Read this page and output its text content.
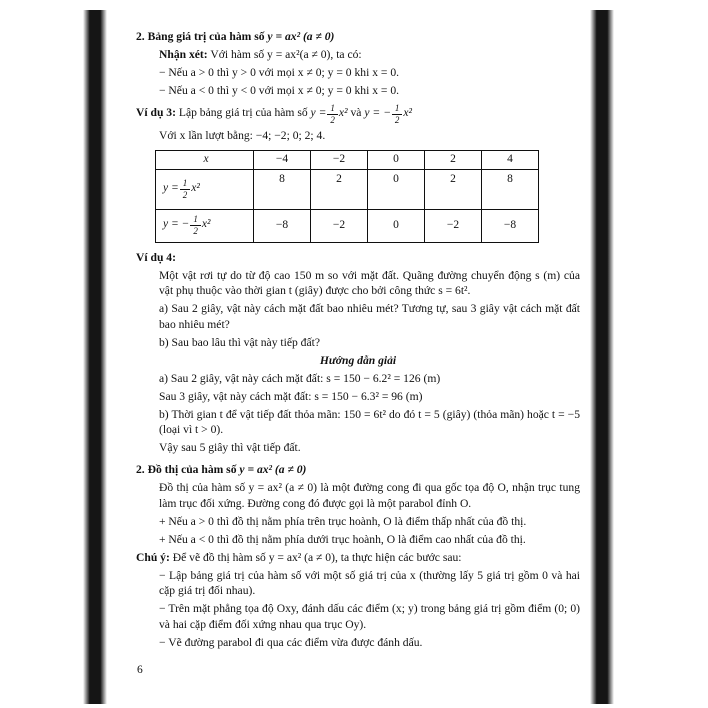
2. Bảng giá trị của hàm số y = ax² (a ≠ 0)
Nhận xét: Với hàm số y = ax²(a ≠ 0), ta có:
− Nếu a > 0 thì y > 0 với mọi x ≠ 0; y = 0 khi x = 0.
− Nếu a < 0 thì y < 0 với mọi x ≠ 0; y = 0 khi x = 0.
Ví dụ 3: Lập bảng giá trị của hàm số $y = \frac{1}{2} x^2$ và y = − $\frac{1}{2} x^2$
Với x lần lượt bằng: −4; −2; 0; 2; 4.
x	−4	−2	0	2	4
$y = \frac{1}{2} x^2$	8	2	0	2	8
y = − $\frac{1}{2} x^2$	−8	−2	0	−2	−8
Ví dụ 4:
Một vật rơi tự do từ độ cao 150 m so với mặt đất. Quãng đường chuyển động s (m) của vật phụ thuộc vào thời gian t (giây) được cho bởi công thức s = 6t².
a) Sau 2 giây, vật này cách mặt đất bao nhiêu mét? Tương tự, sau 3 giây vật cách mặt đất bao nhiêu mét?
b) Sau bao lâu thì vật này tiếp đất?
Hướng dẫn giải
a) Sau 2 giây, vật này cách mặt đất: s = 150 − 6.2² = 126 (m)
Sau 3 giây, vật này cách mặt đất: s = 150 − 6.3² = 96 (m)
b) Thời gian t để vật tiếp đất thỏa mãn: 150 = 6t² do đó t = 5 (giây) (thỏa mãn) hoặc t = −5 (loại vì t > 0).
Vậy sau 5 giây thì vật tiếp đất.
2. Đồ thị của hàm số y = ax² (a ≠ 0)
Đồ thị của hàm số y = ax² (a ≠ 0) là một đường cong đi qua gốc tọa độ O, nhận trục tung làm trục đối xứng. Đường cong đó được gọi là một parabol đỉnh O.
+ Nếu a > 0 thì đồ thị nằm phía trên trục hoành, O là điểm thấp nhất của đồ thị.
+ Nếu a < 0 thì đồ thị nằm phía dưới trục hoành, O là điểm cao nhất của đồ thị.
Chú ý: Để vẽ đồ thị hàm số y = ax² (a ≠ 0), ta thực hiện các bước sau:
− Lập bảng giá trị của hàm số với một số giá trị của x (thường lấy 5 giá trị gồm 0 và hai cặp giá trị đối nhau).
− Trên mặt phẳng tọa độ Oxy, đánh dấu các điểm (x; y) trong bảng giá trị gồm điểm (0; 0) và hai cặp điểm đối xứng nhau qua trục Oy).
− Vẽ đường parabol đi qua các điểm vừa được đánh dấu.
6
